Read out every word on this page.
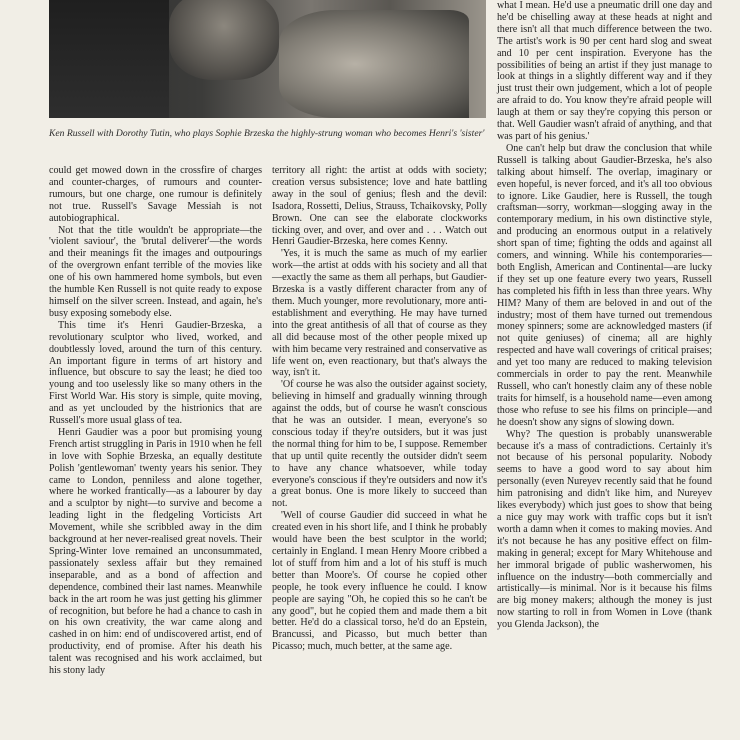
Ken Russell with Dorothy Tutin, who plays Sophie Brzeska the highly-strung woman who becomes Henri's 'sister'

could get mowed down in the crossfire of charges and counter-charges, of rumours and counter-rumours, but one charge, one rumour is definitely not true. Russell's Savage Messiah is not autobiographical.

Not that the title wouldn't be appropriate—the 'violent saviour', the 'brutal deliverer'—the words and their meanings fit the images and outpourings of the overgrown enfant terrible of the movies like one of his own hammered home symbols, but even the humble Ken Russell is not quite ready to expose himself on the silver screen. Instead, and again, he's busy exposing somebody else.

This time it's Henri Gaudier-Brzeska, a revolutionary sculptor who lived, worked, and doubtlessly loved, around the turn of this century. An important figure in terms of art history and influence, but obscure to say the least; he died too young and too uselessly like so many others in the First World War. His story is simple, quite moving, and as yet unclouded by the histrionics that are Russell's more usual glass of tea.

Henri Gaudier was a poor but promising young French artist struggling in Paris in 1910 when he fell in love with Sophie Brzeska, an equally destitute Polish 'gentlewoman' twenty years his senior. They came to London, penniless and alone together, where he worked frantically—as a labourer by day and a sculptor by night—to survive and become a leading light in the fledgeling Vorticists Art Movement, while she scribbled away in the dim background at her never-realised great novels. Their Spring-Winter love remained an unconsummated, passionately sexless affair but they remained inseparable, and as a bond of affection and dependence, combined their last names. Meanwhile back in the art room he was just getting his glimmer of recognition, but before he had a chance to cash in on his own creativity, the war came along and cashed in on him: end of undiscovered artist, end of productivity, end of promise. After his death his talent was recognised and his work acclaimed, but his stony lady

territory all right: the artist at odds with society; creation versus subsistence; love and hate battling away in the soul of genius; flesh and the devil: Isadora, Rossetti, Delius, Strauss, Tchaikovsky, Polly Brown. One can see the elaborate clockworks ticking over, and over, and over and . . . Watch out Henri Gaudier-Brzeska, here comes Kenny.

'Yes, it is much the same as much of my earlier work—the artist at odds with his society and all that—exactly the same as them all perhaps, but Gaudier-Brzeska is a vastly different character from any of them. Much younger, more revolutionary, more anti-establishment and everything. He may have turned into the great antithesis of all that of course as they all did because most of the other people mixed up with him became very restrained and conservative as life went on, even reactionary, but that's always the way, isn't it.

'Of course he was also the outsider against society, believing in himself and gradually winning through against the odds, but of course he wasn't conscious that he was an outsider. I mean, everyone's so conscious today if they're outsiders, but it was just the normal thing for him to be, I suppose. Remember that up until quite recently the outsider didn't seem to have any chance whatsoever, while today everyone's conscious if they're outsiders and now it's a great bonus. One is more likely to succeed than not.

'Well of course Gaudier did succeed in what he created even in his short life, and I think he probably would have been the best sculptor in the world; certainly in England. I mean Henry Moore cribbed a lot of stuff from him and a lot of his stuff is much better than Moore's. Of course he copied other people, he took every influence he could. I know people are saying "Oh, he copied this so he can't be any good", but he copied them and made them a bit better. He'd do a classical torso, he'd do an Epstein, Brancussi, and Picasso, but much better than Picasso; much, much better, at the same age.

what I mean. He'd use a pneumatic drill one day and he'd be chiselling away at these heads at night and there isn't all that much difference between the two. The artist's work is 90 per cent hard slog and sweat and 10 per cent inspiration. Everyone has the possibilities of being an artist if they just manage to look at things in a slightly different way and if they just trust their own judgement, which a lot of people are afraid to do. You know they're afraid people will laugh at them or say they're copying this person or that. Well Gaudier wasn't afraid of anything, and that was part of his genius.'

One can't help but draw the conclusion that while Russell is talking about Gaudier-Brzeska, he's also talking about himself. The overlap, imaginary or even hopeful, is never forced, and it's all too obvious to ignore. Like Gaudier, here is Russell, the tough craftsman—sorry, workman—slogging away in the contemporary medium, in his own distinctive style, and producing an enormous output in a relatively short span of time; fighting the odds and against all comers, and winning. While his contemporaries—both English, American and Continental—are lucky if they set up one feature every two years, Russell has completed his fifth in less than three years. Why HIM? Many of them are beloved in and out of the industry; most of them have turned out tremendous money spinners; some are acknowledged masters (if not quite geniuses) of cinema; all are highly respected and have wall coverings of critical praises; and yet too many are reduced to making television commercials in order to pay the rent. Meanwhile Russell, who can't honestly claim any of these noble traits for himself, is a household name—even among those who refuse to see his films on principle—and he doesn't show any signs of slowing down.

Why? The question is probably unanswerable because it's a mass of contradictions. Certainly it's not because of his personal popularity. Nobody seems to have a good word to say about him personally (even Nureyev recently said that he found him patronising and didn't like him, and Nureyev likes everybody) which just goes to show that being a nice guy may work with traffic cops but it isn't worth a damn when it comes to making movies. And it's not because he has any positive effect on film-making in general; except for Mary Whitehouse and her immoral brigade of public washerwomen, his influence on the industry—both commercially and artistically—is minimal. Nor is it because his films are big money makers; although the money is just now starting to roll in from Women in Love (thank you Glenda Jackson), the
